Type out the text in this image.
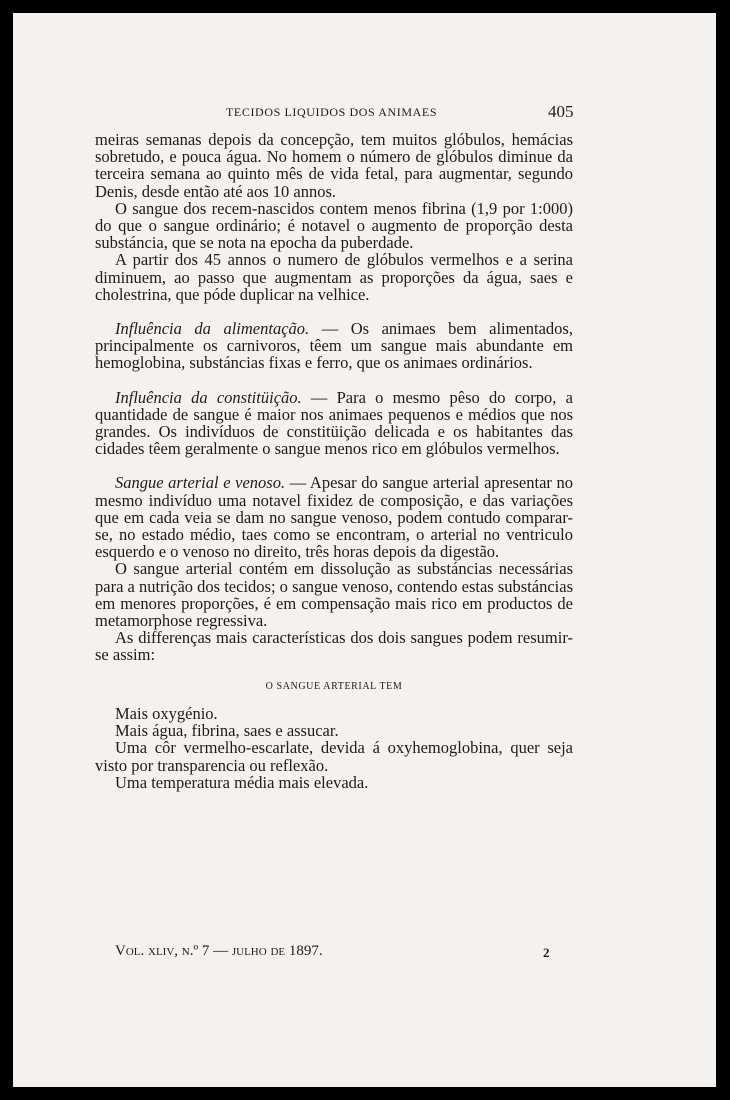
TECIDOS LIQUIDOS DOS ANIMAES	405

meiras semanas depois da concepção, tem muitos glóbulos, hemácias sobretudo, e pouca água. No homem o número de glóbulos diminue da terceira semana ao quinto mês de vida fetal, para augmentar, segundo Denis, desde então até aos 10 annos.

O sangue dos recem-nascidos contem menos fibrina (1,9 por 1:000) do que o sangue ordinário; é notavel o augmento de proporção desta substáncia, que se nota na epocha da puberdade.

A partir dos 45 annos o numero de glóbulos vermelhos e a serina diminuem, ao passo que augmentam as proporções da água, saes e cholestrina, que póde duplicar na velhice.

Influência da alimentação. — Os animaes bem alimentados, principalmente os carnivoros, têem um sangue mais abundante em hemoglobina, substáncias fixas e ferro, que os animaes ordinários.

Influência da constitüição. — Para o mesmo pêso do corpo, a quantidade de sangue é maior nos animaes pequenos e médios que nos grandes. Os indivíduos de constitüição delicada e os habitantes das cidades têem geralmente o sangue menos rico em glóbulos vermelhos.

Sangue arterial e venoso. — Apesar do sangue arterial apresentar no mesmo indivíduo uma notavel fixidez de composição, e das variações que em cada veia se dam no sangue venoso, podem contudo comparar-se, no estado médio, taes como se encontram, o arterial no ventriculo esquerdo e o venoso no direito, três horas depois da digestão.

O sangue arterial contém em dissolução as substáncias necessárias para a nutrição dos tecidos; o sangue venoso, contendo estas substáncias em menores proporções, é em compensação mais rico em productos de metamorphose regressiva.

As differenças mais características dos dois sangues podem resumir-se assim:

O SANGUE ARTERIAL TEM

Mais oxygénio.

Mais água, fibrina, saes e assucar.

Uma côr vermelho-escarlate, devida á oxyhemoglobina, quer seja visto por transparencia ou reflexão.

Uma temperatura média mais elevada.

Vol. xliv, n.º 7 — julho de 1897.	2
